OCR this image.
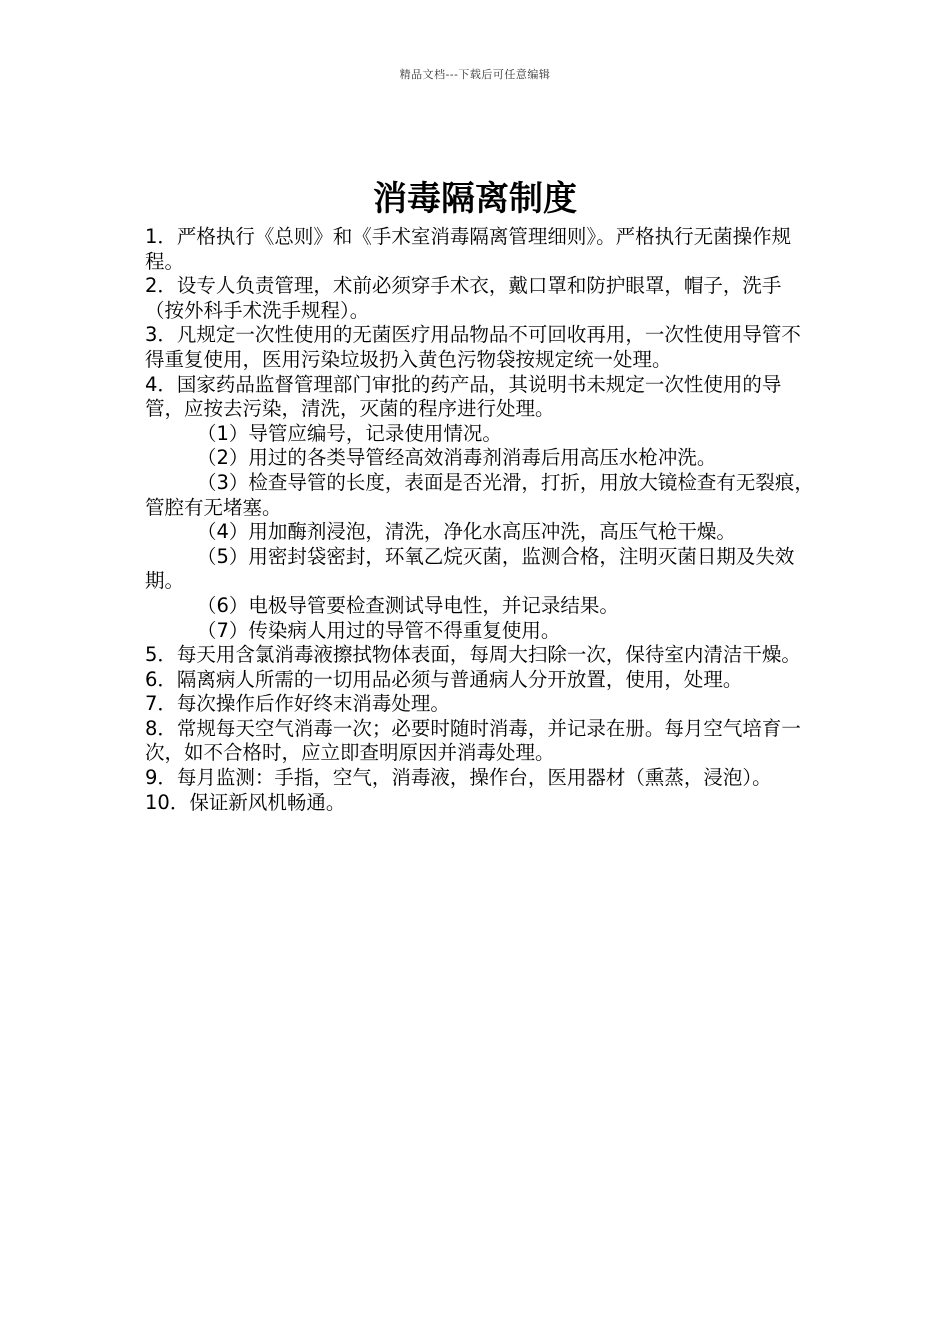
精品文档---下载后可任意编辑
消毒隔离制度

1．严格执行《总则》和《手术室消毒隔离管理细则》。严格执行无菌操作规程。

2．设专人负责管理，术前必须穿手术衣，戴口罩和防护眼罩，帽子，洗手（按外科手术洗手规程）。

3．凡规定一次性使用的无菌医疗用品物品不可回收再用，一次性使用导管不得重复使用，医用污染垃圾扔入黄色污物袋按规定统一处理。

4．国家药品监督管理部门审批的药产品，其说明书未规定一次性使用的导管，应按去污染，清洗，灭菌的程序进行处理。

（1）导管应编号，记录使用情况。

（2）用过的各类导管经高效消毒剂消毒后用高压水枪冲洗。

（3）检查导管的长度，表面是否光滑，打折，用放大镜检查有无裂痕，管腔有无堵塞。

（4）用加酶剂浸泡，清洗，净化水高压冲洗，高压气枪干燥。

（5）用密封袋密封，环氧乙烷灭菌，监测合格，注明灭菌日期及失效期。

（6）电极导管要检查测试导电性，并记录结果。

（7）传染病人用过的导管不得重复使用。

5．每天用含氯消毒液擦拭物体表面，每周大扫除一次，保待室内清洁干燥。

6．隔离病人所需的一切用品必须与普通病人分开放置，使用，处理。

7．每次操作后作好终末消毒处理。

8．常规每天空气消毒一次；必要时随时消毒，并记录在册。每月空气培育一次，如不合格时，应立即查明原因并消毒处理。

9．每月监测：手指，空气，消毒液，操作台，医用器材（熏蒸，浸泡）。

10．保证新风机畅通。
